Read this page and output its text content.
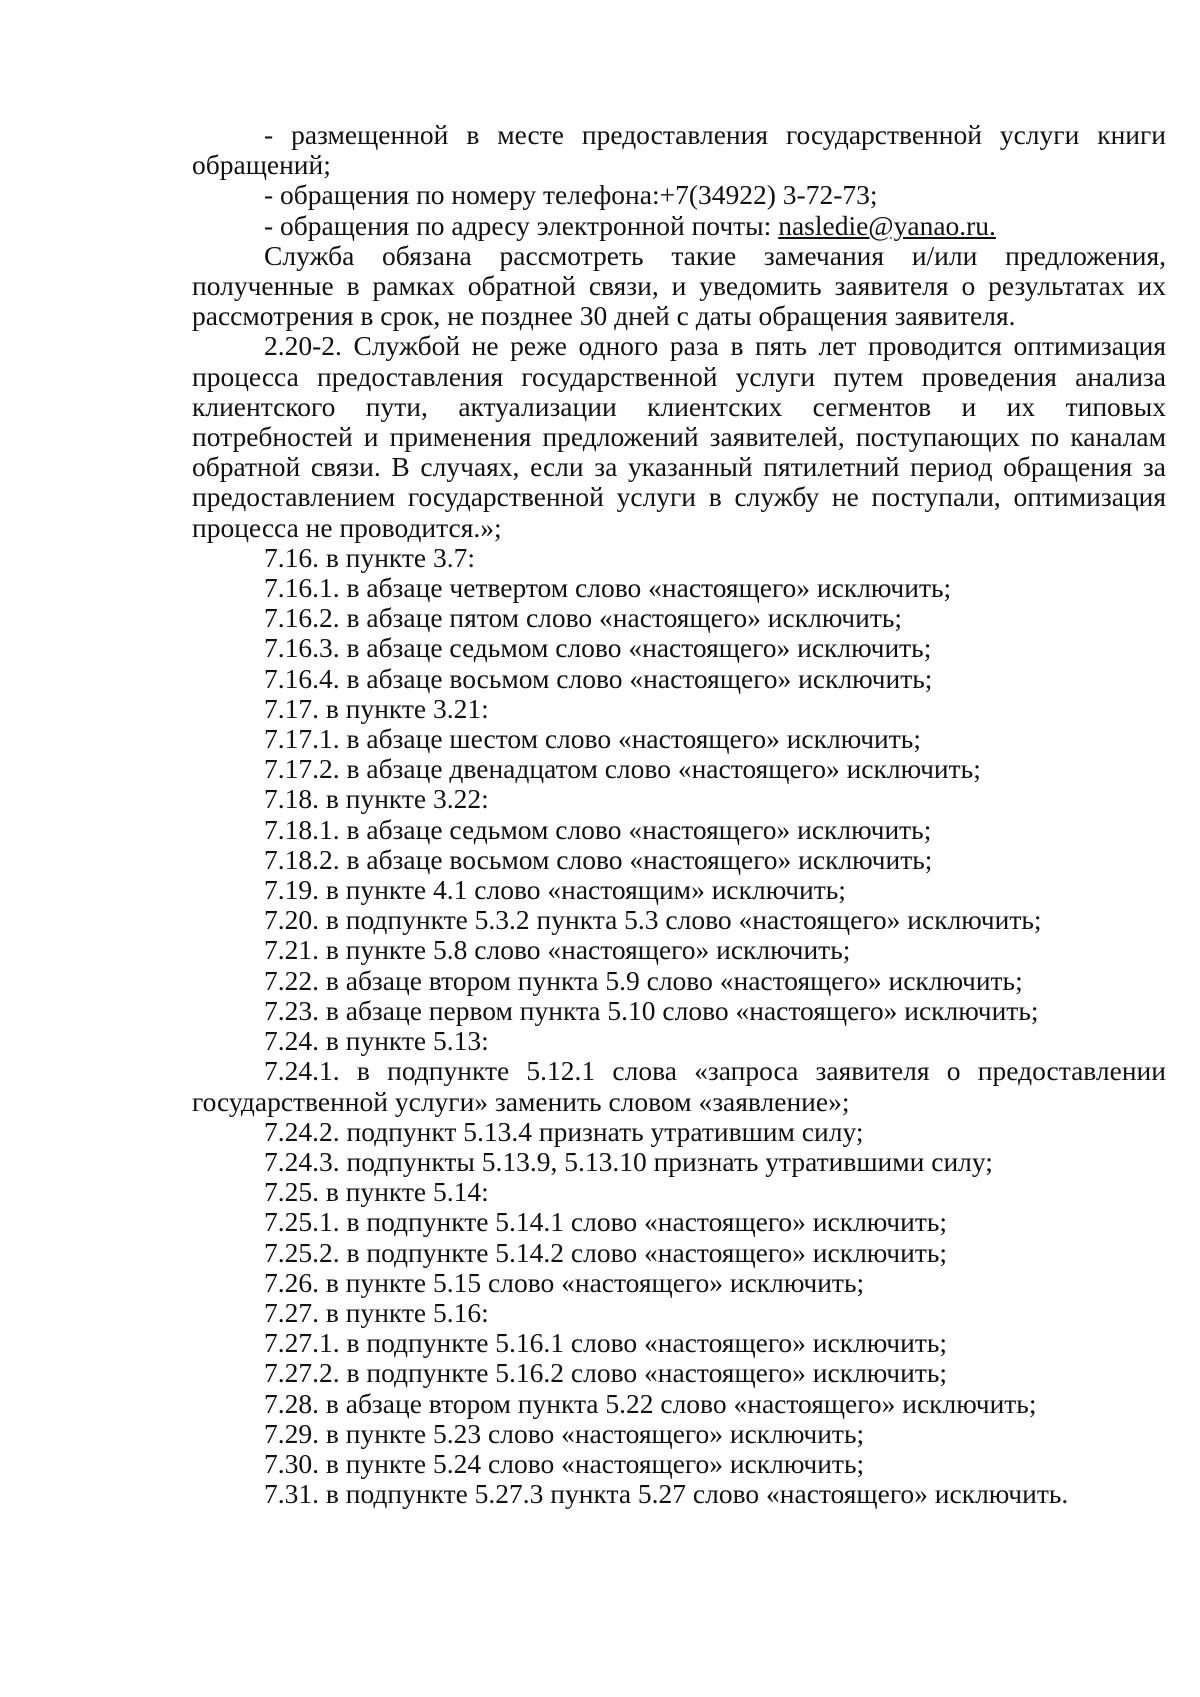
- размещенной в месте предоставления государственной услуги книги обращений;

- обращения по номеру телефона:+7(34922) 3-72-73;

- обращения по адресу электронной почты: nasledie@yanao.ru.

Служба обязана рассмотреть такие замечания и/или предложения, полученные в рамках обратной связи, и уведомить заявителя о результатах их рассмотрения в срок, не позднее 30 дней с даты обращения заявителя.

2.20-2. Службой не реже одного раза в пять лет проводится оптимизация процесса предоставления государственной услуги путем проведения анализа клиентского пути, актуализации клиентских сегментов и их типовых потребностей и применения предложений заявителей, поступающих по каналам обратной связи. В случаях, если за указанный пятилетний период обращения за предоставлением государственной услуги в службу не поступали, оптимизация процесса не проводится.»;

7.16. в пункте 3.7:

7.16.1. в абзаце четвертом слово «настоящего» исключить;

7.16.2. в абзаце пятом слово «настоящего» исключить;

7.16.3. в абзаце седьмом слово «настоящего» исключить;

7.16.4. в абзаце восьмом слово «настоящего» исключить;

7.17. в пункте 3.21:

7.17.1. в абзаце шестом слово «настоящего» исключить;

7.17.2. в абзаце двенадцатом слово «настоящего» исключить;

7.18. в пункте 3.22:

7.18.1. в абзаце седьмом слово «настоящего» исключить;

7.18.2. в абзаце восьмом слово «настоящего» исключить;

7.19. в пункте 4.1 слово «настоящим» исключить;

7.20. в подпункте 5.3.2 пункта 5.3 слово «настоящего» исключить;

7.21. в пункте 5.8 слово «настоящего» исключить;

7.22. в абзаце втором пункта 5.9 слово «настоящего» исключить;

7.23. в абзаце первом пункта 5.10 слово «настоящего» исключить;

7.24. в пункте 5.13:

7.24.1. в подпункте 5.12.1 слова «запроса заявителя о предоставлении государственной услуги» заменить словом «заявление»;

7.24.2. подпункт 5.13.4 признать утратившим силу;

7.24.3. подпункты 5.13.9, 5.13.10 признать утратившими силу;

7.25. в пункте 5.14:

7.25.1. в подпункте 5.14.1 слово «настоящего» исключить;

7.25.2. в подпункте 5.14.2 слово «настоящего» исключить;

7.26. в пункте 5.15 слово «настоящего» исключить;

7.27. в пункте 5.16:

7.27.1. в подпункте 5.16.1 слово «настоящего» исключить;

7.27.2. в подпункте 5.16.2 слово «настоящего» исключить;

7.28. в абзаце втором пункта 5.22 слово «настоящего» исключить;

7.29. в пункте 5.23 слово «настоящего» исключить;

7.30. в пункте 5.24 слово «настоящего» исключить;

7.31. в подпункте 5.27.3 пункта 5.27 слово «настоящего» исключить.
